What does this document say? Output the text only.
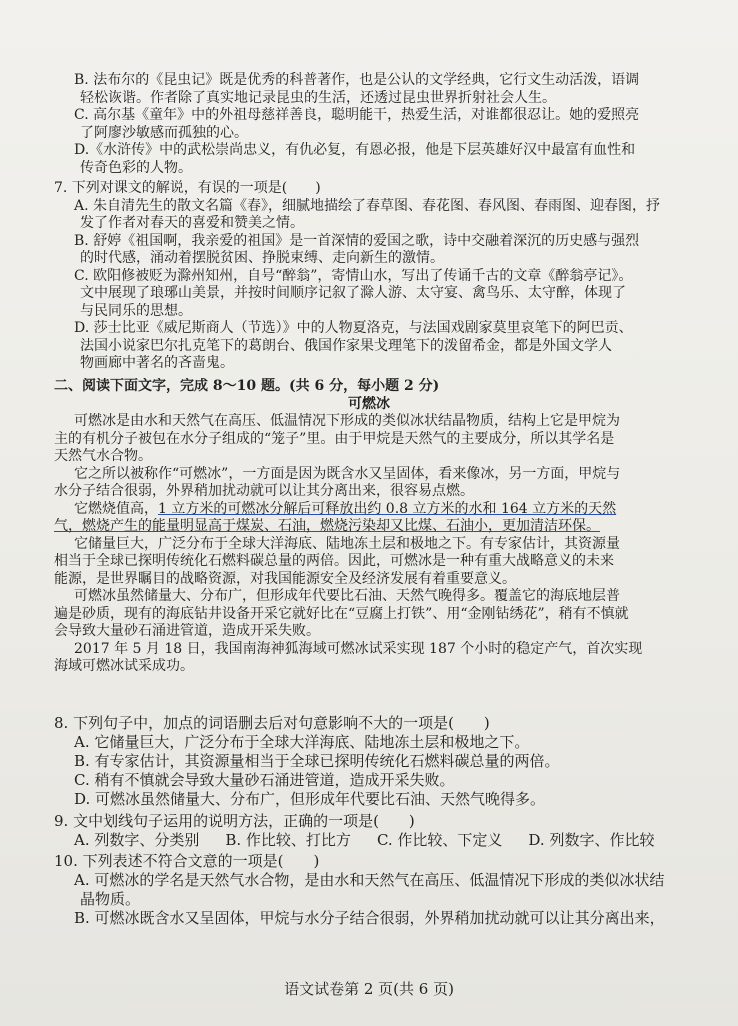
B. 法布尔的《昆虫记》既是优秀的科普著作，也是公认的文学经典，它行文生动活泼，语调
轻松诙谐。作者除了真实地记录昆虫的生活，还透过昆虫世界折射社会人生。
C. 高尔基《童年》中的外祖母慈祥善良，聪明能干，热爱生活，对谁都很忍让。她的爱照亮
了阿廖沙敏感而孤独的心。
D.《水浒传》中的武松崇尚忠义，有仇必复，有恩必报，他是下层英雄好汉中最富有血性和
传奇色彩的人物。
7. 下列对课文的解说，有误的一项是(　　)
A. 朱自清先生的散文名篇《春》，细腻地描绘了春草图、春花图、春风图、春雨图、迎春图，抒
发了作者对春天的喜爱和赞美之情。
B. 舒婷《祖国啊，我亲爱的祖国》是一首深情的爱国之歌，诗中交融着深沉的历史感与强烈
的时代感，涌动着摆脱贫困、挣脱束缚、走向新生的激情。
C. 欧阳修被贬为滁州知州，自号“醉翁”，寄情山水，写出了传诵千古的文章《醉翁亭记》。
文中展现了琅琊山美景，并按时间顺序记叙了滁人游、太守宴、禽鸟乐、太守醉，体现了
与民同乐的思想。
D. 莎士比亚《威尼斯商人（节选）》中的人物夏洛克，与法国戏剧家莫里哀笔下的阿巴贡、
法国小说家巴尔扎克笔下的葛朗台、俄国作家果戈理笔下的泼留希金，都是外国文学人
物画廊中著名的吝啬鬼。
二、阅读下面文字，完成 8～10 题。(共 6 分，每小题 2 分)
可燃冰
可燃冰是由水和天然气在高压、低温情况下形成的类似冰状结晶物质，结构上它是甲烷为
主的有机分子被包在水分子组成的“笼子”里。由于甲烷是天然气的主要成分，所以其学名是
天然气水合物。
它之所以被称作“可燃冰”，一方面是因为既含水又呈固体，看来像冰，另一方面，甲烷与
水分子结合很弱，外界稍加扰动就可以让其分离出来，很容易点燃。
它燃烧值高，1 立方米的可燃冰分解后可释放出约 0.8 立方米的水和 164 立方米的天然
气，燃烧产生的能量明显高于煤炭、石油，燃烧污染却又比煤、石油小，更加清洁环保。
它储量巨大，广泛分布于全球大洋海底、陆地冻土层和极地之下。有专家估计，其资源量
相当于全球已探明传统化石燃料碳总量的两倍。因此，可燃冰是一种有重大战略意义的未来
能源，是世界瞩目的战略资源，对我国能源安全及经济发展有着重要意义。
可燃冰虽然储量大、分布广，但形成年代要比石油、天然气晚得多。覆盖它的海底地层普
遍是砂质，现有的海底钻井设备开采它就好比在“豆腐上打铁”、用“金刚钻绣花”，稍有不慎就
会导致大量砂石涌进管道，造成开采失败。
2017 年 5 月 18 日，我国南海神狐海域可燃冰试采实现 187 个小时的稳定产气，首次实现
海域可燃冰试采成功。
8. 下列句子中，加点的词语删去后对句意影响不大的一项是(　　)
A. 它储量巨大，广泛分布于全球大洋海底、陆地冻土层和极地之下。
B. 有专家估计，其资源量相当于全球已探明传统化石燃料碳总量的两倍。
C. 稍有不慎就会导致大量砂石涌进管道，造成开采失败。
D. 可燃冰虽然储量大、分布广，但形成年代要比石油、天然气晚得多。
9. 文中划线句子运用的说明方法，正确的一项是(　　)
A. 列数字、分类别 B. 作比较、打比方 C. 作比较、下定义 D. 列数字、作比较
10. 下列表述不符合文意的一项是(　　)
A. 可燃冰的学名是天然气水合物，是由水和天然气在高压、低温情况下形成的类似冰状结
晶物质。
B. 可燃冰既含水又呈固体，甲烷与水分子结合很弱，外界稍加扰动就可以让其分离出来，
语文试卷第 2 页(共 6 页)
